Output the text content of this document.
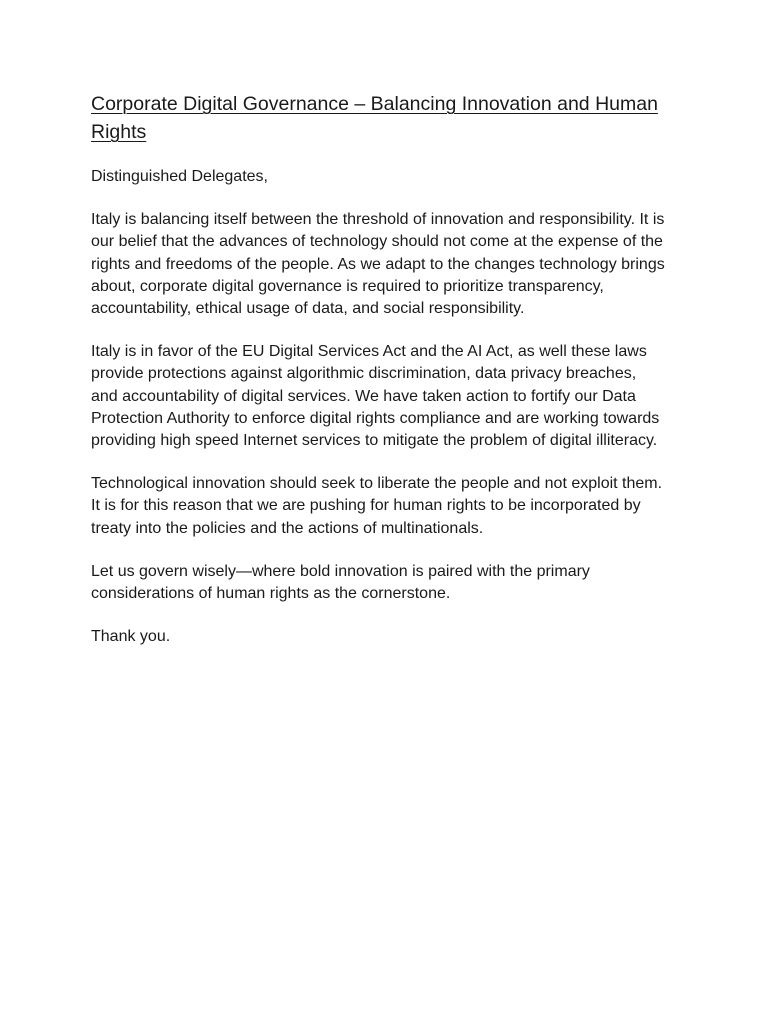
Corporate Digital Governance – Balancing Innovation and Human
Rights

Distinguished Delegates,

Italy is balancing itself between the threshold of innovation and responsibility. It is
our belief that the advances of technology should not come at the expense of the
rights and freedoms of the people. As we adapt to the changes technology brings
about, corporate digital governance is required to prioritize transparency,
accountability, ethical usage of data, and social responsibility.

Italy is in favor of the EU Digital Services Act and the AI Act, as well these laws
provide protections against algorithmic discrimination, data privacy breaches,
and accountability of digital services. We have taken action to fortify our Data
Protection Authority to enforce digital rights compliance and are working towards
providing high speed Internet services to mitigate the problem of digital illiteracy.

Technological innovation should seek to liberate the people and not exploit them.
It is for this reason that we are pushing for human rights to be incorporated by
treaty into the policies and the actions of multinationals.

Let us govern wisely—where bold innovation is paired with the primary
considerations of human rights as the cornerstone.

Thank you.
